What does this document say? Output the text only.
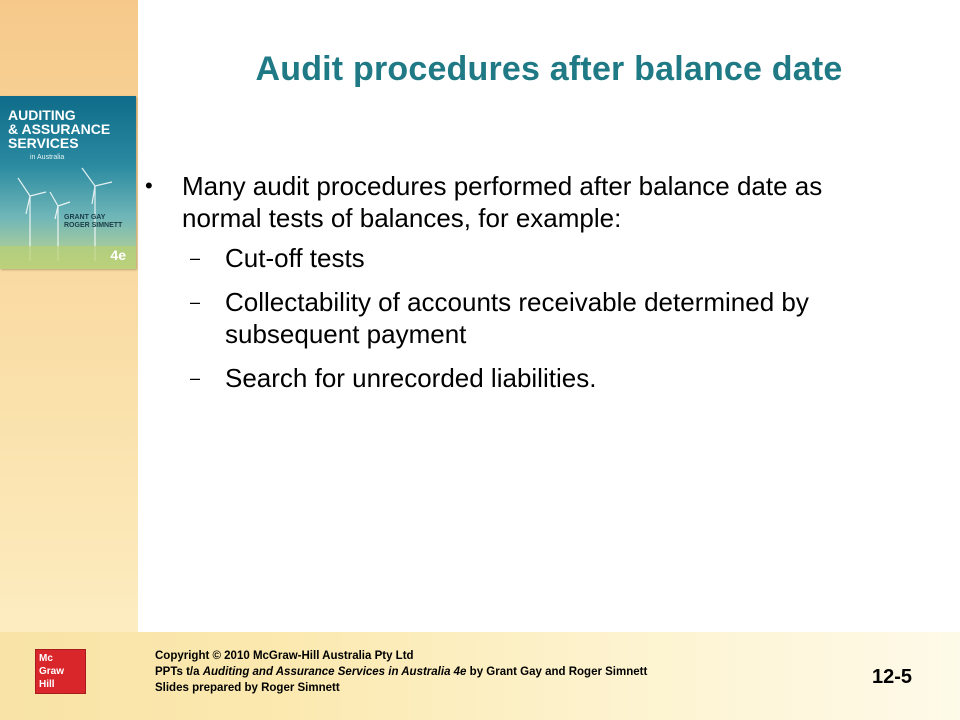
AUDITING
& ASSURANCE
SERVICES
in Australia
GRANT GAY
ROGER SIMNETT
4e
Audit procedures after balance date
• Many audit procedures performed after balance date as normal tests of balances, for example:
– Cut-off tests
– Collectability of accounts receivable determined by subsequent payment
– Search for unrecorded liabilities.
Mc
Graw
Hill
Copyright © 2010 McGraw-Hill Australia Pty Ltd
PPTs t/a Auditing and Assurance Services in Australia 4e by Grant Gay and Roger Simnett
Slides prepared by Roger Simnett	12-5
